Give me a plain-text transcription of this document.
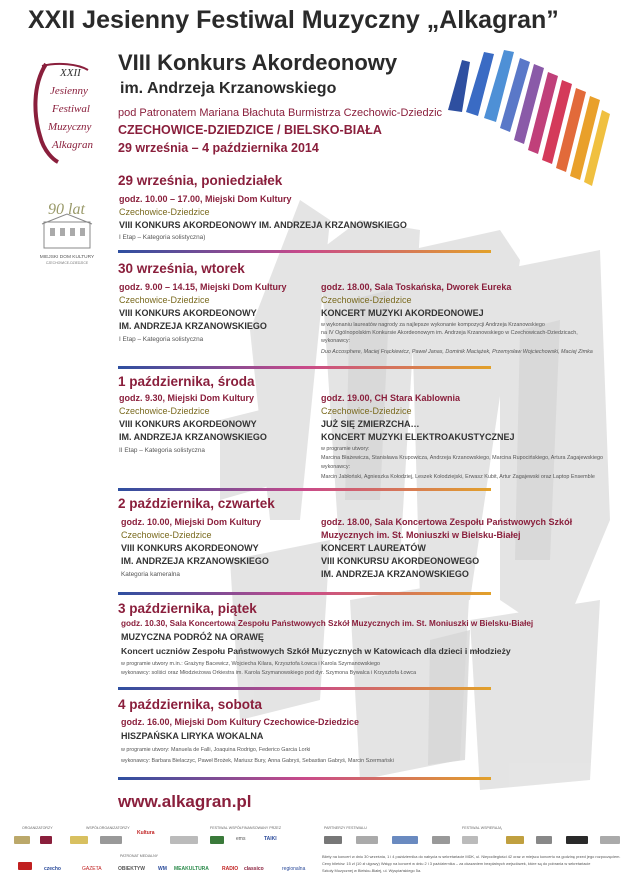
XXII Jesienny Festiwal Muzyczny „Alkagran”
VIII Konkurs Akordeonowy
im. Andrzeja Krzanowskiego
pod Patronatem Mariana Błachuta Burmistrza Czechowic-Dziedzic
CZECHOWICE-DZIEDZICE / BIELSKO-BIAŁA
29 września – 4 października 2014
XXII
Jesienny
Festiwal
Muzyczny
Alkagran
90 lat
MIEJSKI DOM KULTURY
CZECHOWICE-DZIEDZICE
29 września, poniedziałek
godz. 10.00 – 17.00, Miejski Dom Kultury
Czechowice-Dziedzice
VIII KONKURS AKORDEONOWY IM. ANDRZEJA KRZANOWSKIEGO
I Etap – Kategoria solistyczna)
30 września, wtorek
godz. 9.00 – 14.15, Miejski Dom Kultury
Czechowice-Dziedzice
VIII KONKURS AKORDEONOWY
IM. ANDRZEJA KRZANOWSKIEGO
I Etap – Kategoria solistyczna
godz. 18.00, Sala Toskańska, Dworek Eureka
Czechowice-Dziedzice
KONCERT MUZYKI AKORDEONOWEJ
w wykonaniu laureatów nagrody za najlepsze wykonanie kompozycji Andrzeja Krzanowskiego
na IV Ogólnopolskim Konkursie Akordeonowym im. Andrzeja Krzanowskiego w Czechowicach-Dziedzicach,
wykonawcy:
Duo Accosphere, Maciej Frąckiewicz, Paweł Janas, Dominik Maciążek, Przemysław Wojciechowski, Maciej Zimka
1 października, środa
godz. 9.30, Miejski Dom Kultury
Czechowice-Dziedzice
VIII KONKURS AKORDEONOWY
IM. ANDRZEJA KRZANOWSKIEGO
II Etap – Kategoria solistyczna
godz. 19.00, CH Stara Kablownia
Czechowice-Dziedzice
JUŻ SIĘ ZMIERZCHA…
KONCERT MUZYKI ELEKTROAKUSTYCZNEJ
w programie utwory:
Marcina Błażewicza, Stanisława Krupowicza, Andrzeja Krzanowskiego, Marcina Rupocińskiego, Artura Zagajewskiego
wykonawcy:
Marcin Jabłoński, Agnieszka Kołodziej, Leszek Kołodziejski, Erwasz Kubit, Artur Zagajewski oraz Laptop Ensemble
2 października, czwartek
godz. 10.00, Miejski Dom Kultury
Czechowice-Dziedzice
VIII KONKURS AKORDEONOWY
IM. ANDRZEJA KRZANOWSKIEGO
Kategoria kameralna
godz. 18.00, Sala Koncertowa Zespołu Państwowych Szkół
Muzycznych im. St. Moniuszki w Bielsku-Białej
KONCERT LAUREATÓW
VIII KONKURSU AKORDEONOWEGO
IM. ANDRZEJA KRZANOWSKIEGO
3 października, piątek
godz. 10.30, Sala Koncertowa Zespołu Państwowych Szkół Muzycznych im. St. Moniuszki w Bielsku-Białej
MUZYCZNA PODRÓŻ NA ORAWĘ
Koncert uczniów Zespołu Państwowych Szkół Muzycznych w Katowicach dla dzieci i młodzieży
w programie utwory m.in.: Grażyny Bacewicz, Wojciecha Kilara, Krzysztofa Łowca i Karola Szymanowskiego
wykonawcy: soliści oraz Młodzieżowa Orkiestra im. Karola Szymanowskiego pod dyr. Szymona Bywalca i Krzysztofa Łowca
4 października, sobota
godz. 16.00, Miejski Dom Kultury Czechowice-Dziedzice
HISZPAŃSKA LIRYKA WOKALNA
w programie utwory: Manuela de Falli, Joaquina Rodrigo, Federico Garcia Lorki
wykonawcy: Barbara Bielaczyc, Paweł Brożek, Mariusz Bury, Anna Gabryś, Sebastian Gabryś, Marcin Szermański
www.alkagran.pl
ORGANIZATORZY	WSPÓŁORGANIZATORZY	FESTIWAL WSPÓŁFINANSOWANY PRZEZ	PARTNERZY FESTIWALU	FESTIWAL WSPIERAJĄ
Kultura
ems	TAIKI
PATRONAT MEDIALNY
czecho	GAZETA	OBIEKTYW	WM MEAKULTURA	RADIO classico	regionalna
Bilety na koncert w dniu 30 września, 1 i 4 października do nabycia w sekretariacie MDK, ul. Niepodległości 42 oraz w miejscu koncertu na godzinę przed jego rozpoczęciem.
Ceny biletów: 15 zł (10 zł ulgowy) Wstęp na koncert w dniu 2 i 3 października – za okazaniem bezpłatnych wejsciówek, które są do pobrania w sekretariacie
Szkoły Muzycznej w Bielsku-Białej, ul. Wyspiańskiego 5a.
